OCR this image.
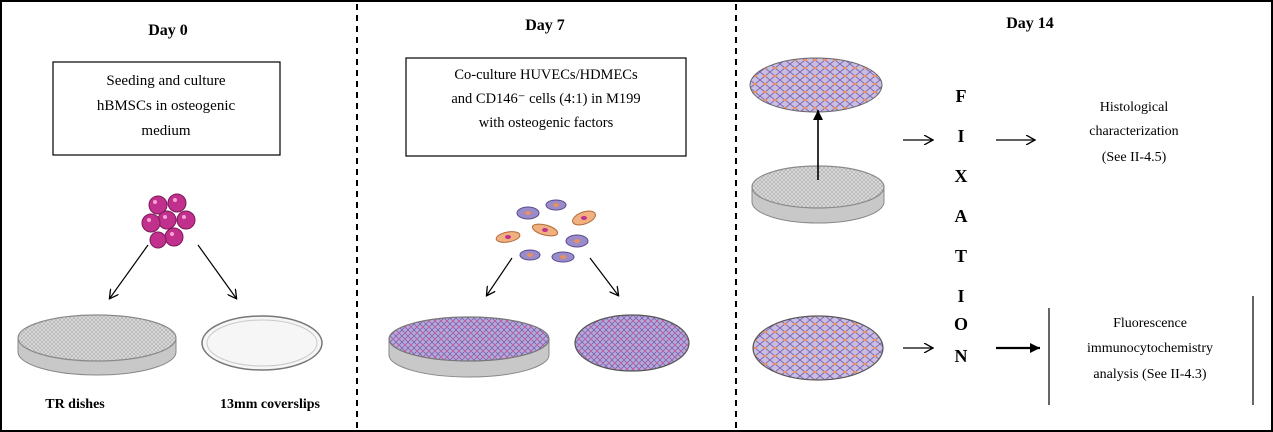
Day 0
Seeding and culture
hBMSCs in osteogenic
medium
TR dishes	13mm coverslips
Day 7
Co-culture HUVECs/HDMECs
and CD146⁻ cells (4:1) in M199
with osteogenic factors
Day 14
F
I
X
A
T
I
O
N
Histological
characterization
(See II-4.5)
Fluorescence
immunocytochemistry
analysis (See II-4.3)
